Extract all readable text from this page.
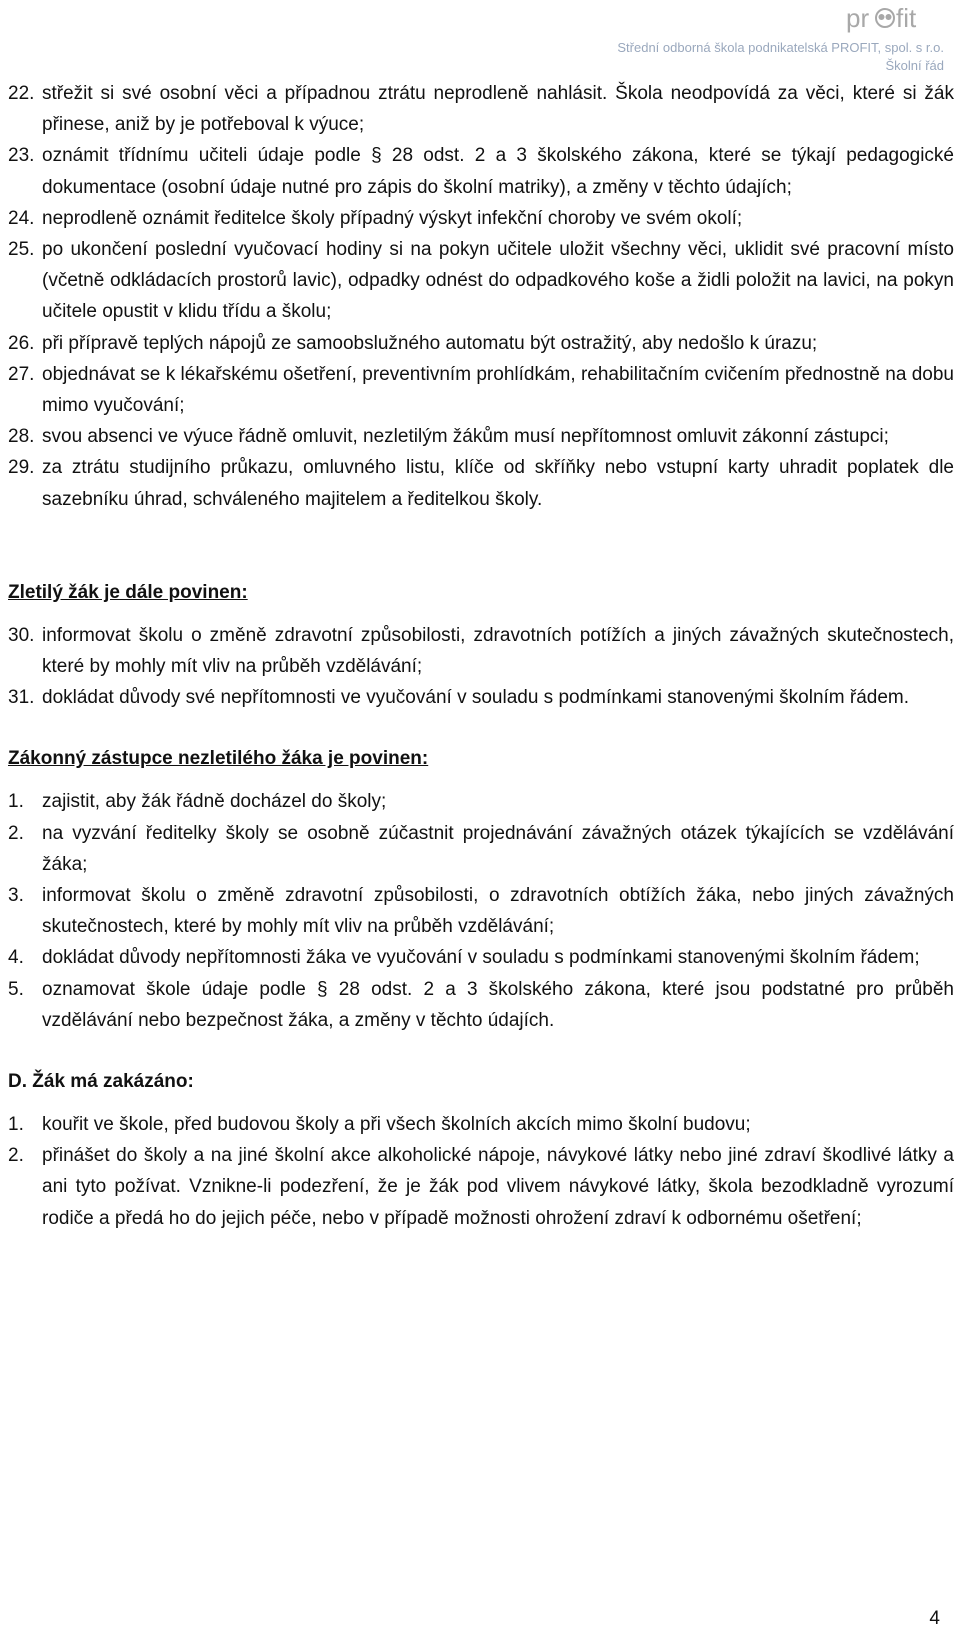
pr fit
Střední odborná škola podnikatelská PROFIT, spol. s r.o.
Školní řád
22. střežit si své osobní věci a případnou ztrátu neprodleně nahlásit. Škola neodpovídá za věci, které si žák přinese, aniž by je potřeboval k výuce;
23. oznámit třídnímu učiteli údaje podle § 28 odst. 2 a 3 školského zákona, které se týkají pedagogické dokumentace (osobní údaje nutné pro zápis do školní matriky), a změny v těchto údajích;
24. neprodleně oznámit ředitelce školy případný výskyt infekční choroby ve svém okolí;
25. po ukončení poslední vyučovací hodiny si na pokyn učitele uložit všechny věci, uklidit své pracovní místo (včetně odkládacích prostorů lavic), odpadky odnést do odpadkového koše a židli položit na lavici, na pokyn učitele opustit v klidu třídu a školu;
26. při přípravě teplých nápojů ze samoobslužného automatu být ostražitý, aby nedošlo k úrazu;
27. objednávat se k lékařskému ošetření, preventivním prohlídkám, rehabilitačním cvičením přednostně na dobu mimo vyučování;
28. svou absenci ve výuce řádně omluvit, nezletilým žákům musí nepřítomnost omluvit zákonní zástupci;
29. za ztrátu studijního průkazu, omluvného listu, klíče od skříňky nebo vstupní karty uhradit poplatek dle sazebníku úhrad, schváleného majitelem a ředitelkou školy.
Zletilý žák je dále povinen:
30. informovat školu o změně zdravotní způsobilosti, zdravotních potížích a jiných závažných skutečnostech, které by mohly mít vliv na průběh vzdělávání;
31. dokládat důvody své nepřítomnosti ve vyučování v souladu s podmínkami stanovenými školním řádem.
Zákonný zástupce nezletilého žáka je povinen:
1. zajistit, aby žák řádně docházel do školy;
2. na vyzvání ředitelky školy se osobně zúčastnit projednávání závažných otázek týkajících se vzdělávání žáka;
3. informovat školu o změně zdravotní způsobilosti, o zdravotních obtížích žáka, nebo jiných závažných skutečnostech, které by mohly mít vliv na průběh vzdělávání;
4. dokládat důvody nepřítomnosti žáka ve vyučování v souladu s podmínkami stanovenými školním řádem;
5. oznamovat škole údaje podle § 28 odst. 2 a 3 školského zákona, které jsou podstatné pro průběh vzdělávání nebo bezpečnost žáka, a změny v těchto údajích.
D. Žák má zakázáno:
1. kouřit ve škole, před budovou školy a při všech školních akcích mimo školní budovu;
2. přinášet do školy a na jiné školní akce alkoholické nápoje, návykové látky nebo jiné zdraví škodlivé látky a ani tyto požívat. Vznikne-li podezření, že je žák pod vlivem návykové látky, škola bezodkladně vyrozumí rodiče a předá ho do jejich péče, nebo v případě možnosti ohrožení zdraví k odbornému ošetření;
4
